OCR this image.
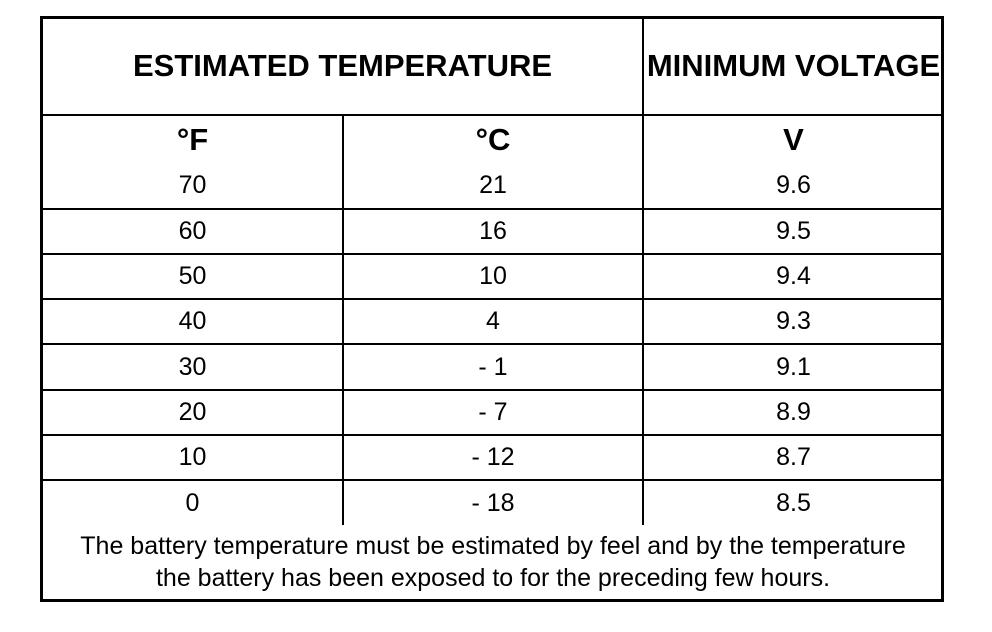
ESTIMATED TEMPERATURE		MINIMUM VOLTAGE
°F	°C	V
70	21	9.6
60	16	9.5
50	10	9.4
40	4	9.3
30	- 1	9.1
20	- 7	8.9
10	- 12	8.7
0	- 18	8.5
The battery temperature must be estimated by feel and by the temperature the battery has been exposed to for the preceding few hours.		
